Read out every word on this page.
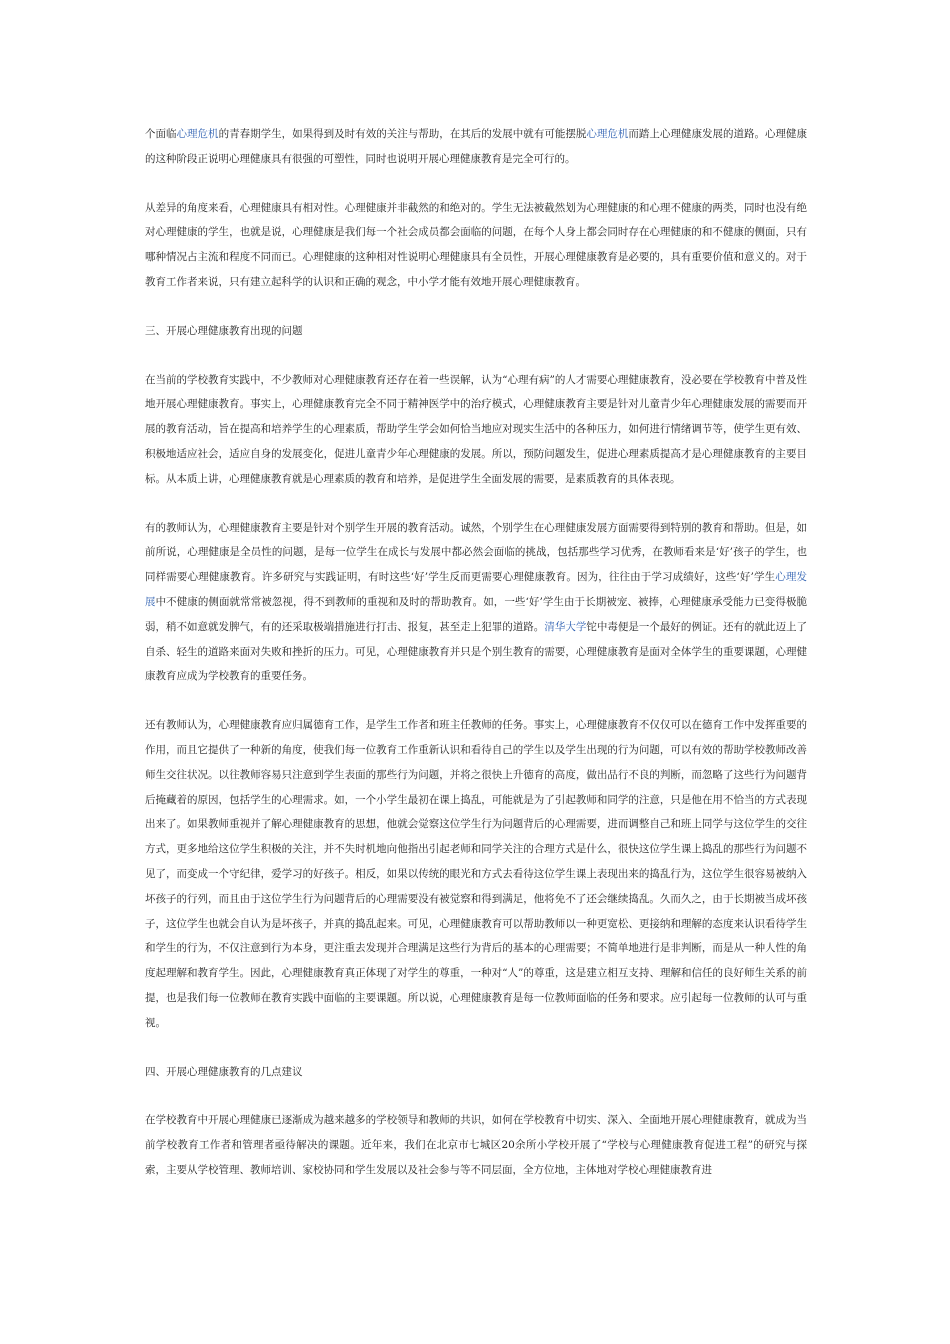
个面临心理危机的青春期学生，如果得到及时有效的关注与帮助，在其后的发展中就有可能摆脱心理危机而踏上心理健康发展的道路。心理健康的这种阶段正说明心理健康具有很强的可塑性，同时也说明开展心理健康教育是完全可行的。

从差异的角度来看，心理健康具有相对性。心理健康并非截然的和绝对的。学生无法被截然划为心理健康的和心理不健康的两类，同时也没有绝对心理健康的学生，也就是说，心理健康是我们每一个社会成员都会面临的问题，在每个人身上都会同时存在心理健康的和不健康的侧面，只有哪种情况占主流和程度不同而已。心理健康的这种相对性说明心理健康具有全员性，开展心理健康教育是必要的，具有重要价值和意义的。对于教育工作者来说，只有建立起科学的认识和正确的观念，中小学才能有效地开展心理健康教育。

三、开展心理健康教育出现的问题

在当前的学校教育实践中，不少教师对心理健康教育还存在着一些误解，认为“心理有病”的人才需要心理健康教育，没必要在学校教育中普及性地开展心理健康教育。事实上，心理健康教育完全不同于精神医学中的治疗模式，心理健康教育主要是针对儿童青少年心理健康发展的需要而开展的教育活动，旨在提高和培养学生的心理素质，帮助学生学会如何恰当地应对现实生活中的各种压力，如何进行情绪调节等，使学生更有效、积极地适应社会，适应自身的发展变化，促进儿童青少年心理健康的发展。所以，预防问题发生，促进心理素质提高才是心理健康教育的主要目标。从本质上讲，心理健康教育就是心理素质的教育和培养，是促进学生全面发展的需要，是素质教育的具体表现。

有的教师认为，心理健康教育主要是针对个别学生开展的教育活动。诚然，个别学生在心理健康发展方面需要得到特别的教育和帮助。但是，如前所说，心理健康是全员性的问题，是每一位学生在成长与发展中都必然会面临的挑战，包括那些学习优秀，在教师看来是‘好’孩子的学生，也同样需要心理健康教育。许多研究与实践证明，有时这些‘好’学生反而更需要心理健康教育。因为，往往由于学习成绩好，这些‘好’学生心理发展中不健康的侧面就常常被忽视，得不到教师的重视和及时的帮助教育。如，一些‘好’学生由于长期被宠、被捧，心理健康承受能力已变得极脆弱，稍不如意就发脾气，有的还采取极端措施进行打击、报复，甚至走上犯罪的道路。清华大学铊中毒便是一个最好的例证。还有的就此迈上了自杀、轻生的道路来面对失败和挫折的压力。可见，心理健康教育并只是个别生教育的需要，心理健康教育是面对全体学生的重要课题，心理健康教育应成为学校教育的重要任务。

还有教师认为，心理健康教育应归属德育工作，是学生工作者和班主任教师的任务。事实上，心理健康教育不仅仅可以在德育工作中发挥重要的作用，而且它提供了一种新的角度，使我们每一位教育工作重新认识和看待自己的学生以及学生出现的行为问题，可以有效的帮助学校教师改善师生交往状况。以往教师容易只注意到学生表面的那些行为问题，并将之很快上升德育的高度，做出品行不良的判断，而忽略了这些行为问题背后掩藏着的原因，包括学生的心理需求。如，一个小学生最初在课上捣乱，可能就是为了引起教师和同学的注意，只是他在用不恰当的方式表现出来了。如果教师重视并了解心理健康教育的思想，他就会觉察这位学生行为问题背后的心理需要，进而调整自己和班上同学与这位学生的交往方式，更多地给这位学生积极的关注，并不失时机地向他指出引起老师和同学关注的合理方式是什么，很快这位学生课上捣乱的那些行为问题不见了，而变成一个守纪律，爱学习的好孩子。相反，如果以传统的眼光和方式去看待这位学生课上表现出来的捣乱行为，这位学生很容易被纳入坏孩子的行列，而且由于这位学生行为问题背后的心理需要没有被觉察和得到满足，他将免不了还会继续捣乱。久而久之，由于长期被当成坏孩子，这位学生也就会自认为是坏孩子，并真的捣乱起来。可见，心理健康教育可以帮助教师以一种更宽松、更接纳和理解的态度来认识看待学生和学生的行为，不仅注意到行为本身，更注重去发现并合理满足这些行为背后的基本的心理需要；不简单地进行是非判断，而是从一种人性的角度起理解和教育学生。因此，心理健康教育真正体现了对学生的尊重，一种对“人”的尊重，这是建立相互支持、理解和信任的良好师生关系的前提，也是我们每一位教师在教育实践中面临的主要课题。所以说，心理健康教育是每一位教师面临的任务和要求。应引起每一位教师的认可与重视。

四、开展心理健康教育的几点建议

在学校教育中开展心理健康已逐渐成为越来越多的学校领导和教师的共识，如何在学校教育中切实、深入、全面地开展心理健康教育，就成为当前学校教育工作者和管理者亟待解决的课题。近年来，我们在北京市七城区20余所小学校开展了“学校与心理健康教育促进工程”的研究与探索，主要从学校管理、教师培训、家校协同和学生发展以及社会参与等不同层面，全方位地，主体地对学校心理健康教育进
